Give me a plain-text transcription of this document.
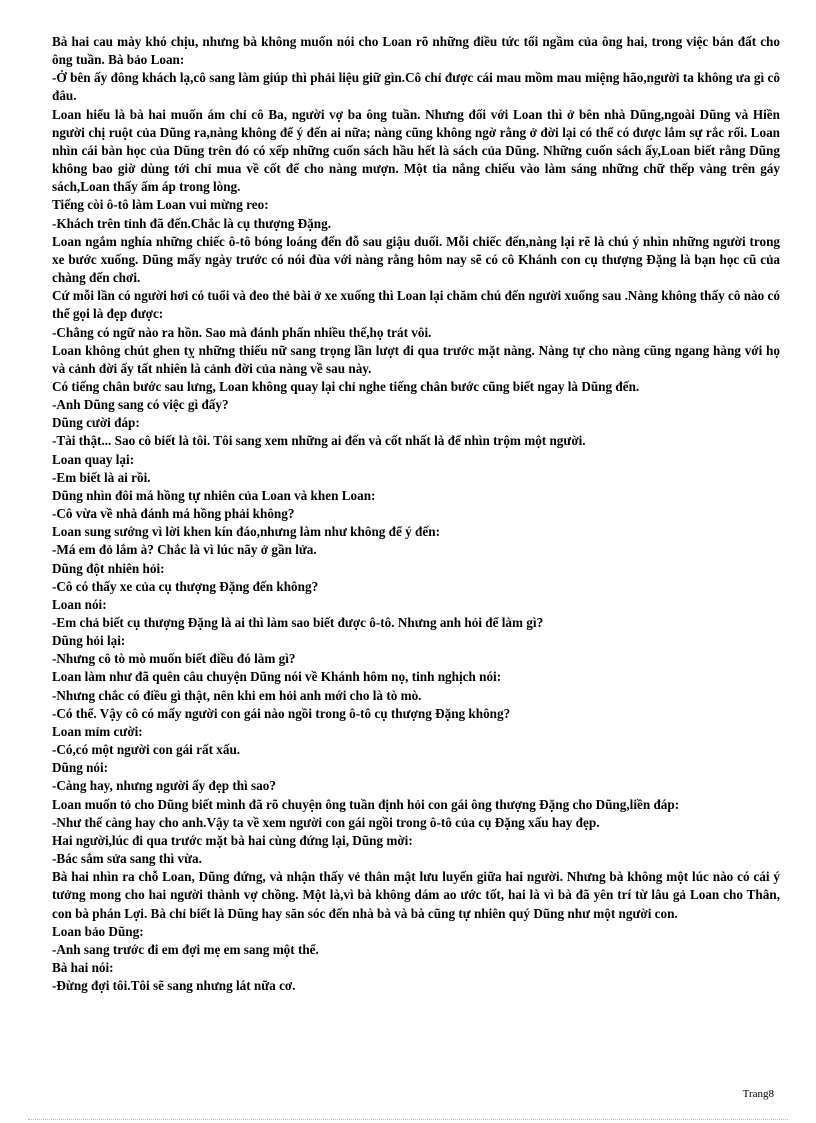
Bà hai cau mày khó chịu, nhưng bà không muốn nói cho Loan rõ những điều tức tối ngầm của ông hai, trong việc bán đất cho ông tuần. Bà bảo Loan:

-Ở bên ấy đông khách lạ,cô sang làm giúp thì phải liệu giữ gìn.Cô chỉ được cái mau mồm mau miệng hão,người ta không ưa gì cô đâu.

Loan hiểu là bà hai muốn ám chỉ cô Ba, người vợ ba ông tuần. Nhưng đối với Loan thì ở bên nhà Dũng,ngoài Dũng và Hiền người chị ruột của Dũng ra,nàng không để ý đến ai nữa; nàng cũng không ngờ rằng ở đời lại có thể có được lắm sự rắc rối. Loan nhìn cái bàn học của Dũng trên đó có xếp những cuốn sách hầu hết là sách của Dũng. Những cuốn sách ấy,Loan biết rằng Dũng không bao giờ dùng tới chỉ mua về cốt để cho nàng mượn. Một tia nắng chiếu vào làm sáng những chữ thếp vàng trên gáy sách,Loan thấy ấm áp trong lòng.

Tiếng còi ô-tô làm Loan vui mừng reo:

-Khách trên tỉnh đã đến.Chắc là cụ thượng Đặng.

Loan ngắm nghía những chiếc ô-tô bóng loáng đến đỗ sau giậu duối. Mỗi chiếc đến,nàng lại rẽ là chú ý nhìn những người trong xe bước xuống. Dũng mấy ngày trước có nói đùa với nàng rằng hôm nay sẽ có cô Khánh con cụ thượng Đặng là bạn học cũ của chàng đến chơi.

Cứ mỗi lần có người hơi có tuổi và đeo thẻ bài ở xe xuống thì Loan lại chăm chú đến người xuống sau .Nàng không thấy cô nào có thể gọi là đẹp được:

-Chẳng có ngữ nào ra hồn. Sao mà đánh phấn nhiều thế,họ trát vôi.

Loan không chút ghen tỵ những thiếu nữ sang trọng lần lượt đi qua trước mặt nàng. Nàng tự cho nàng cũng ngang hàng với họ và cảnh đời ấy tất nhiên là cảnh đời của nàng về sau này.

Có tiếng chân bước sau lưng, Loan không quay lại chỉ nghe tiếng chân bước cũng biết ngay là Dũng đến.

-Anh Dũng sang có việc gì đấy?

Dũng cười đáp:

-Tài thật... Sao cô biết là tôi. Tôi sang xem những ai đến và cốt nhất là để nhìn trộm một người.

Loan quay lại:

-Em biết là ai rồi.

Dũng nhìn đôi má hồng tự nhiên của Loan và khen Loan:

-Cô vừa về nhà đánh má hồng phải không?

Loan sung sướng vì lời khen kín đáo,nhưng làm như không để ý đến:

-Má em đỏ lắm à? Chắc là vì lúc nãy ở gần lửa.

Dũng đột nhiên hỏi:

-Cô có thấy xe của cụ thượng Đặng đến không?

Loan nói:

-Em chả biết cụ thượng Đặng là ai thì làm sao biết được ô-tô. Nhưng anh hỏi để làm gì?

Dũng hỏi lại:

-Nhưng cô tò mò muốn biết điều đó làm gì?

Loan làm như đã quên câu chuyện Dũng nói về Khánh hôm nọ, tinh nghịch nói:

-Nhưng chắc có điều gì thật, nên khi em hỏi anh mới cho là tò mò.

-Có thể. Vậy cô có mấy người con gái nào ngồi trong ô-tô cụ thượng Đặng không?

Loan mỉm cười:

-Có,có một người con gái rất xấu.

Dũng nói:

-Càng hay, nhưng người ấy đẹp thì sao?

Loan muốn tỏ cho Dũng biết mình đã rõ chuyện ông tuần định hỏi con gái ông thượng Đặng cho Dũng,liền đáp:

-Như thế càng hay cho anh.Vậy ta về xem người con gái ngồi trong ô-tô của cụ Đặng xấu hay đẹp.

Hai người,lúc đi qua trước mặt bà hai cùng đứng lại, Dũng mời:

-Bác sắm sửa sang thì vừa.

Bà hai nhìn ra chỗ Loan, Dũng đứng, và nhận thấy vẻ thân mật lưu luyến giữa hai người. Nhưng bà không một lúc nào có cái ý tưởng mong cho hai người thành vợ chồng. Một là,vì bà không dám ao ước tốt, hai là vì bà đã yên trí từ lâu gả Loan cho Thân, con bà phán Lợi. Bà chỉ biết là Dũng hay săn sóc đến nhà bà và bà cũng tự nhiên quý Dũng như một người con.

Loan bảo Dũng:

-Anh sang trước đi em đợi mẹ em sang một thể.

Bà hai nói:

-Đừng đợi tôi.Tôi sẽ sang nhưng lát nữa cơ.

Trang8
